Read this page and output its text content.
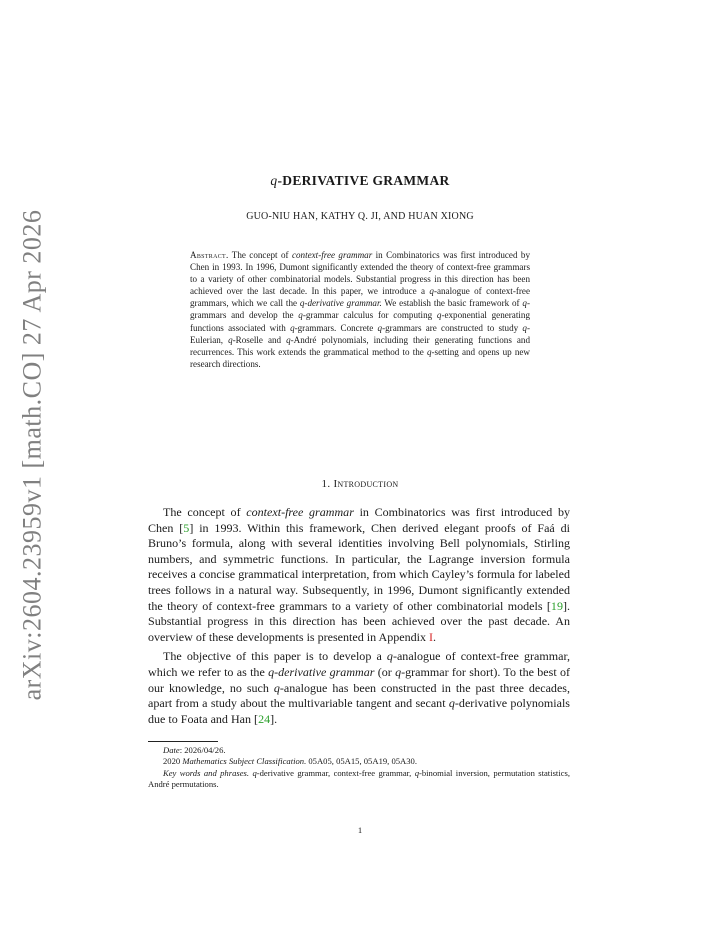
arXiv:2604.23959v1 [math.CO] 27 Apr 2026
q-DERIVATIVE GRAMMAR
GUO-NIU HAN, KATHY Q. JI, AND HUAN XIONG
Abstract. The concept of context-free grammar in Combinatorics was first introduced by Chen in 1993. In 1996, Dumont significantly extended the theory of context-free grammars to a variety of other combinatorial models. Substantial progress in this direction has been achieved over the last decade. In this paper, we introduce a q-analogue of context-free grammars, which we call the q-derivative grammar. We establish the basic framework of q-grammars and develop the q-grammar calculus for computing q-exponential generating functions associated with q-grammars. Concrete q-grammars are constructed to study q-Eulerian, q-Roselle and q-André polynomials, including their generating functions and recurrences. This work extends the grammatical method to the q-setting and opens up new research directions.
1. Introduction

The concept of context-free grammar in Combinatorics was first introduced by Chen [5] in 1993. Within this framework, Chen derived elegant proofs of Faá di Bruno’s formula, along with several identities involving Bell polynomials, Stirling numbers, and symmetric functions. In particular, the Lagrange inversion formula receives a concise grammatical interpretation, from which Cayley’s formula for labeled trees follows in a natural way. Subsequently, in 1996, Dumont significantly extended the theory of context-free grammars to a variety of other combinatorial models [19]. Substantial progress in this direction has been achieved over the past decade. An overview of these developments is presented in Appendix I.

The objective of this paper is to develop a q-analogue of context-free grammar, which we refer to as the q-derivative grammar (or q-grammar for short). To the best of our knowledge, no such q-analogue has been constructed in the past three decades, apart from a study about the multivariable tangent and secant q-derivative polynomials due to Foata and Han [24].

Date: 2026/04/26.

2020 Mathematics Subject Classification. 05A05, 05A15, 05A19, 05A30.

Key words and phrases. q-derivative grammar, context-free grammar, q-binomial inversion, permutation statistics, André permutations.

1
